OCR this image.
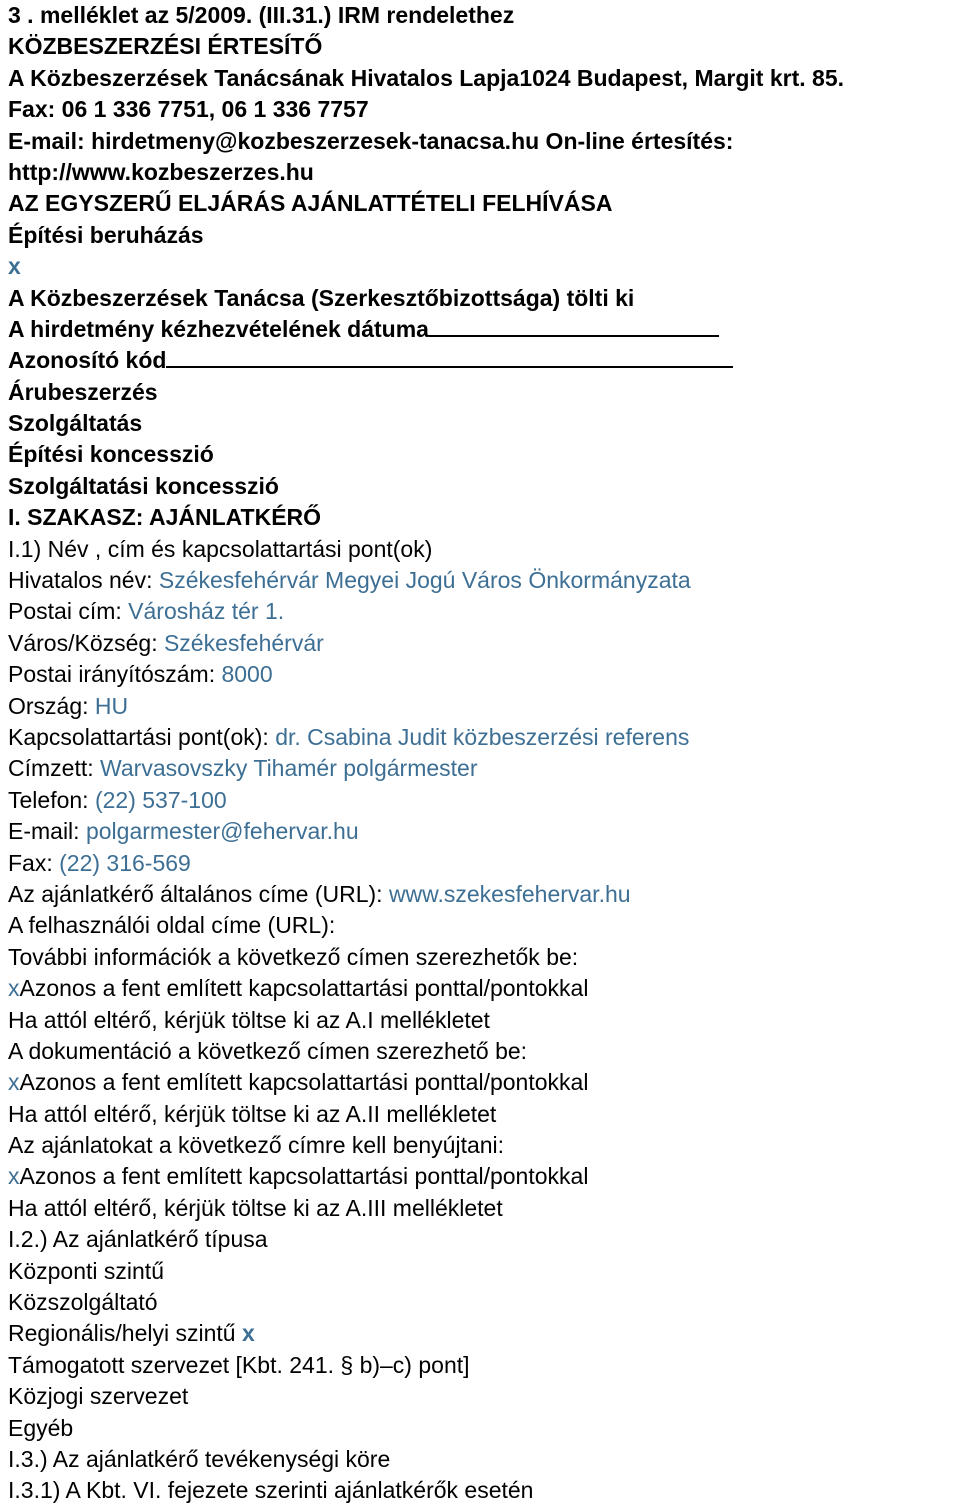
3 . melléklet az 5/2009. (III.31.) IRM rendelethez
KÖZBESZERZÉSI ÉRTESÍTŐ
A Közbeszerzések Tanácsának Hivatalos Lapja1024 Budapest, Margit krt. 85.
Fax: 06 1 336 7751, 06 1 336 7757
E-mail: hirdetmeny@kozbeszerzesek-tanacsa.hu On-line értesítés:
http://www.kozbeszerzes.hu
AZ EGYSZERŰ ELJÁRÁS AJÁNLATTÉTELI FELHÍVÁSA
Építési beruházás
x
A Közbeszerzések Tanácsa (Szerkesztőbizottsága) tölti ki
A hirdetmény kézhezvételének dátuma
Azonosító kód
Árubeszerzés
Szolgáltatás
Építési koncesszió
Szolgáltatási koncesszió
I. SZAKASZ: AJÁNLATKÉRŐ
I.1) Név , cím és kapcsolattartási pont(ok)
Hivatalos név: Székesfehérvár Megyei Jogú Város Önkormányzata
Postai cím: Városház tér 1.
Város/Község: Székesfehérvár
Postai irányítószám: 8000
Ország: HU
Kapcsolattartási pont(ok): dr. Csabina Judit közbeszerzési referens
Címzett: Warvasovszky Tihamér polgármester
Telefon: (22) 537-100
E-mail: polgarmester@fehervar.hu
Fax: (22) 316-569
Az ajánlatkérő általános címe (URL): www.szekesfehervar.hu
A felhasználói oldal címe (URL):
További információk a következő címen szerezhetők be:
xAzonos a fent említett kapcsolattartási ponttal/pontokkal
Ha attól eltérő, kérjük töltse ki az A.I mellékletet
A dokumentáció a következő címen szerezhető be:
xAzonos a fent említett kapcsolattartási ponttal/pontokkal
Ha attól eltérő, kérjük töltse ki az A.II mellékletet
Az ajánlatokat a következő címre kell benyújtani:
xAzonos a fent említett kapcsolattartási ponttal/pontokkal
Ha attól eltérő, kérjük töltse ki az A.III mellékletet
I.2.) Az ajánlatkérő típusa
Központi szintű
Közszolgáltató
Regionális/helyi szintű x
Támogatott szervezet [Kbt. 241. § b)–c) pont]
Közjogi szervezet
Egyéb
I.3.) Az ajánlatkérő tevékenységi köre
I.3.1) A Kbt. VI. fejezete szerinti ajánlatkérők esetén
